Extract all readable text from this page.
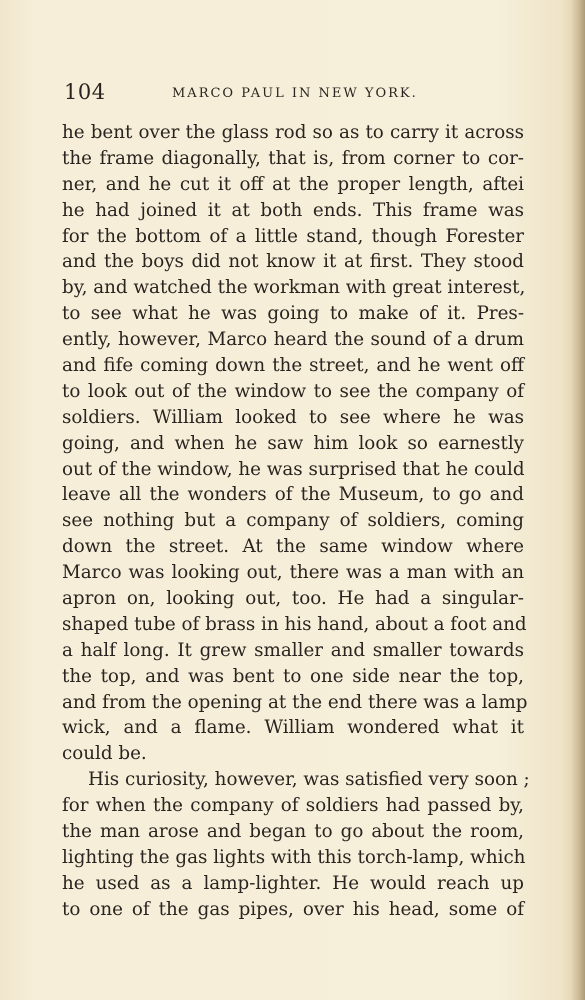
104	MARCO PAUL IN NEW YORK.
he bent over the glass rod so as to carry it across
the frame diagonally, that is, from corner to cor-
ner, and he cut it off at the proper length, aftei
he had joined it at both ends. This frame was
for the bottom of a little stand, though Forester
and the boys did not know it at first. They stood
by, and watched the workman with great interest,
to see what he was going to make of it. Pres-
ently, however, Marco heard the sound of a drum
and fife coming down the street, and he went off
to look out of the window to see the company of
soldiers. William looked to see where he was
going, and when he saw him look so earnestly
out of the window, he was surprised that he could
leave all the wonders of the Museum, to go and
see nothing but a company of soldiers, coming
down the street. At the same window where
Marco was looking out, there was a man with an
apron on, looking out, too. He had a singular-
shaped tube of brass in his hand, about a foot and
a half long. It grew smaller and smaller towards
the top, and was bent to one side near the top,
and from the opening at the end there was a lamp
wick, and a flame. William wondered what it
could be.
His curiosity, however, was satisfied very soon ;
for when the company of soldiers had passed by,
the man arose and began to go about the room,
lighting the gas lights with this torch-lamp, which
he used as a lamp-lighter. He would reach up
to one of the gas pipes, over his head, some of
